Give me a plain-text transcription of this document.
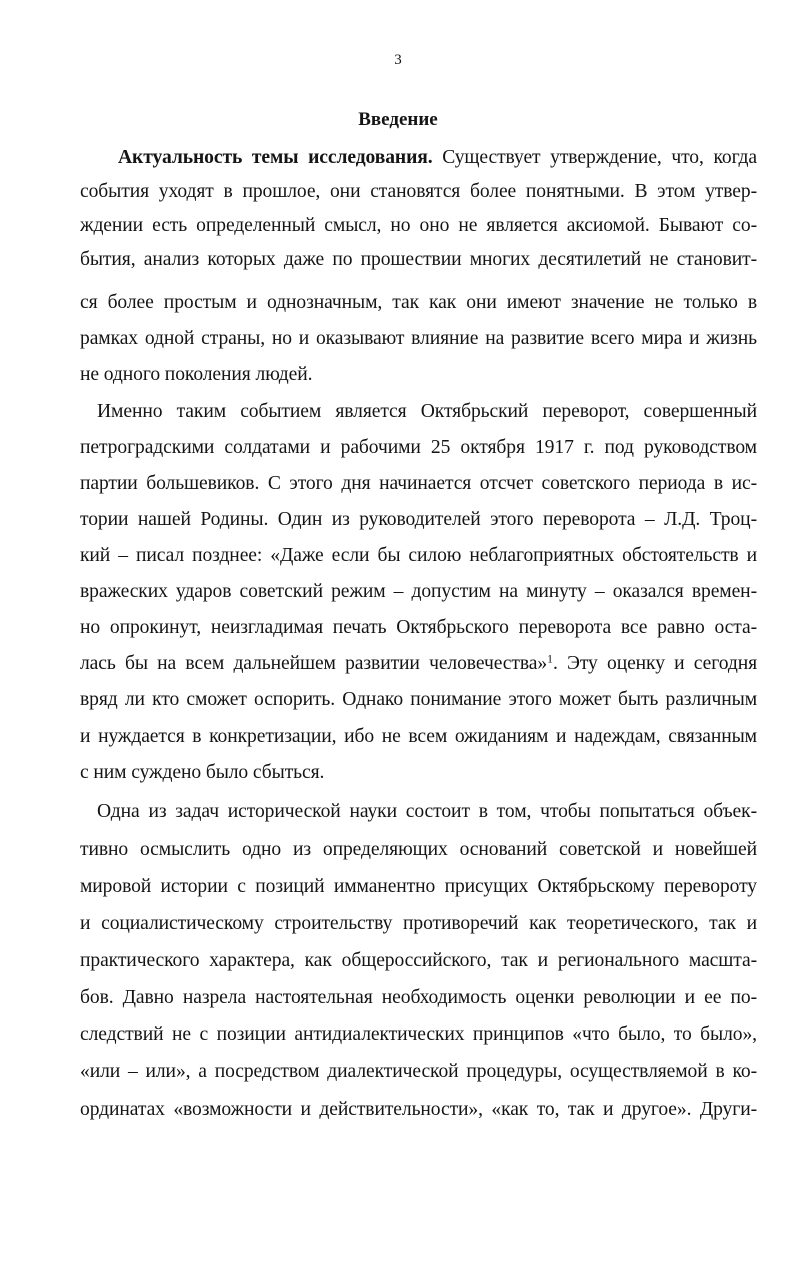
3
Введение
Актуальность темы исследования. Существует утверждение, что, когда
события уходят в прошлое, они становятся более понятными. В этом утвер-
ждении есть определенный смысл, но оно не является аксиомой. Бывают со-
бытия, анализ которых даже по прошествии многих десятилетий не становит-
ся более простым и однозначным, так как они имеют значение не только в
рамках одной страны, но и оказывают влияние на развитие всего мира и жизнь
не одного поколения людей.
Именно таким событием является Октябрьский переворот, совершенный
петроградскими солдатами и рабочими 25 октября 1917 г. под руководством
партии большевиков. С этого дня начинается отсчет советского периода в ис-
тории нашей Родины. Один из руководителей этого переворота – Л.Д. Троц-
кий – писал позднее: «Даже если бы силою неблагоприятных обстоятельств и
вражеских ударов советский режим – допустим на минуту – оказался времен-
но опрокинут, неизгладимая печать Октябрьского переворота все равно оста-
лась бы на всем дальнейшем развитии человечества»$^1$. Эту оценку и сегодня
вряд ли кто сможет оспорить. Однако понимание этого может быть различным
и нуждается в конкретизации, ибо не всем ожиданиям и надеждам, связанным
с ним суждено было сбыться.
Одна из задач исторической науки состоит в том, чтобы попытаться объек-
тивно осмыслить одно из определяющих оснований советской и новейшей
мировой истории с позиций имманентно присущих Октябрьскому перевороту
и социалистическому строительству противоречий как теоретического, так и
практического характера, как общероссийского, так и регионального масшта-
бов. Давно назрела настоятельная необходимость оценки революции и ее по-
следствий не с позиции антидиалектических принципов «что было, то было»,
«или – или», а посредством диалектической процедуры, осуществляемой в ко-
ординатах «возможности и действительности», «как то, так и другое». Други-
